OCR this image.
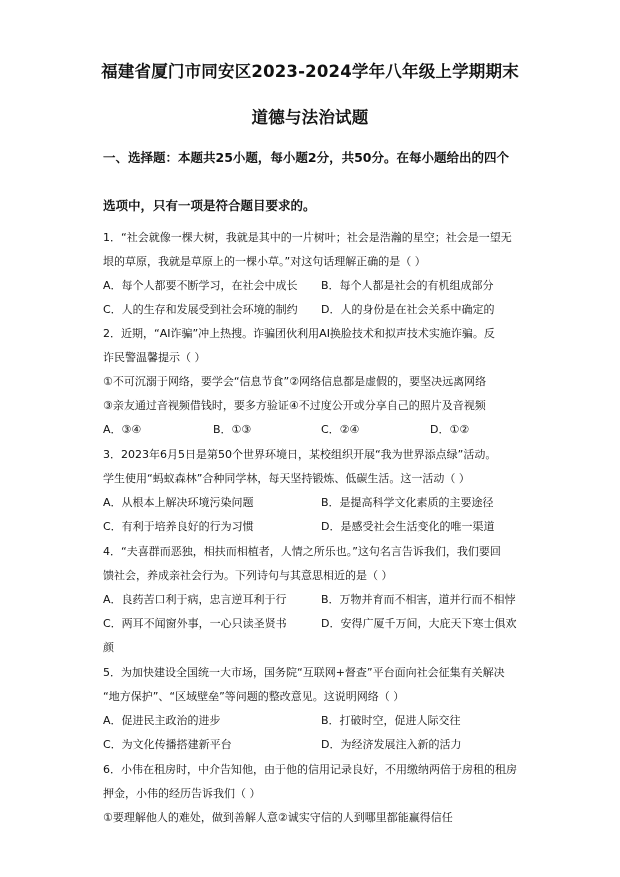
福建省厦门市同安区2023-2024学年八年级上学期期末
道德与法治试题
一、选择题：本题共25小题，每小题2分，共50分。在每小题给出的四个
选项中，只有一项是符合题目要求的。
1．“社会就像一棵大树，我就是其中的一片树叶；社会是浩瀚的星空；社会是一望无
垠的草原，我就是草原上的一棵小草。”对这句话理解正确的是（ ）
A．每个人都要不断学习，在社会中成长 B．每个人都是社会的有机组成部分
C．人的生存和发展受到社会环境的制约 D．人的身份是在社会关系中确定的
2．近期，“AI诈骗”冲上热搜。诈骗团伙利用AI换脸技术和拟声技术实施诈骗。反
诈民警温馨提示（ ）
①不可沉溺于网络，要学会“信息节食”②网络信息都是虚假的，要坚决远离网络
③亲友通过音视频借钱时，要多方验证④不过度公开或分享自己的照片及音视频
A．③④	B．①③	C．②④	D．①②
3．2023年6月5日是第50个世界环境日，某校组织开展“我为世界添点绿”活动。
学生使用“蚂蚁森林”合种同学林，每天坚持锻炼、低碳生活。这一活动（ ）
A．从根本上解决环境污染问题	B．是提高科学文化素质的主要途径
C．有利于培养良好的行为习惯	D．是感受社会生活变化的唯一渠道
4．“夫喜群而恶独，相扶而相植者，人情之所乐也。”这句名言告诉我们，我们要回
馈社会，养成亲社会行为。下列诗句与其意思相近的是（ ）
A．良药苦口利于病，忠言逆耳利于行	B．万物并育而不相害，道并行而不相悖
C．两耳不闻窗外事，一心只读圣贤书	D．安得广厦千万间，大庇天下寒士俱欢
颜
5．为加快建设全国统一大市场，国务院“互联网+督查”平台面向社会征集有关解决
“地方保护”、“区域壁垒”等问题的整改意见。这说明网络（ ）
A．促进民主政治的进步	B．打破时空，促进人际交往
C．为文化传播搭建新平台	D．为经济发展注入新的活力
6．小伟在租房时，中介告知他，由于他的信用记录良好，不用缴纳两倍于房租的租房
押金，小伟的经历告诉我们（ ）
①要理解他人的难处，做到善解人意②诚实守信的人到哪里都能赢得信任
